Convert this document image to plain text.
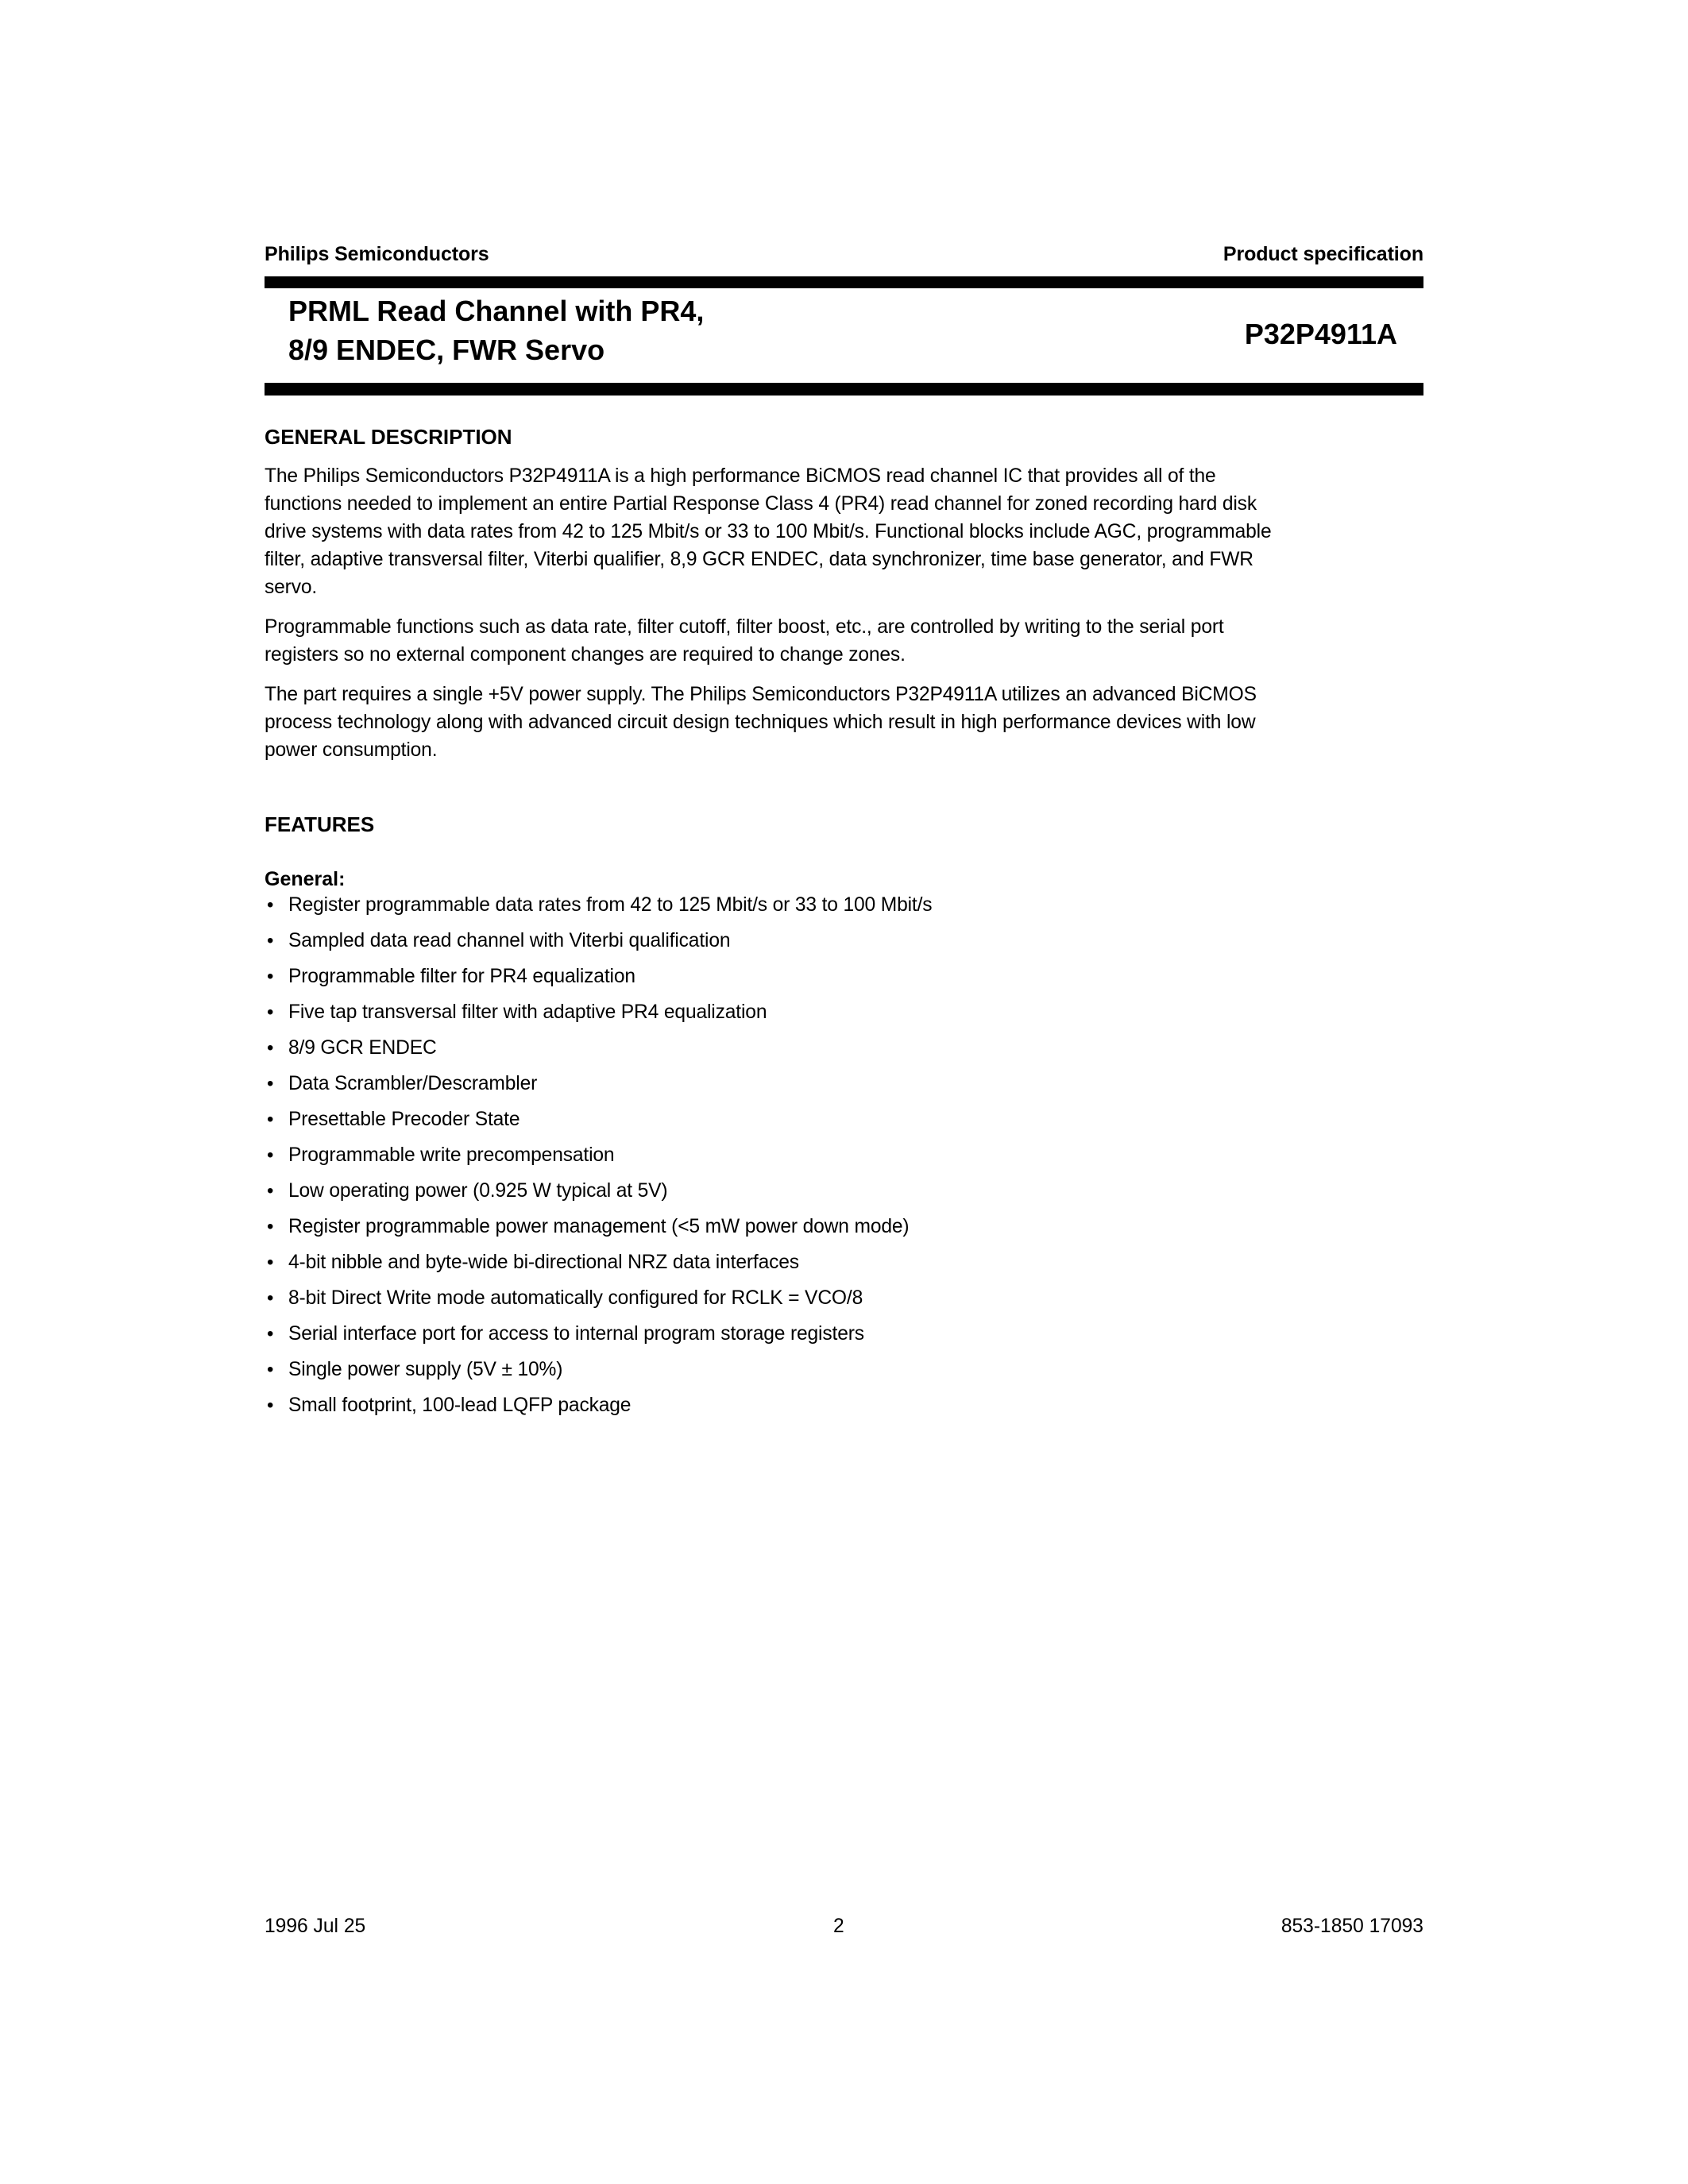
Philips Semiconductors	Product specification
PRML Read Channel with PR4,
8/9 ENDEC, FWR Servo	P32P4911A
GENERAL DESCRIPTION
The Philips Semiconductors P32P4911A is a high performance BiCMOS read channel IC that provides all of the
functions needed to implement an entire Partial Response Class 4 (PR4) read channel for zoned recording hard disk
drive systems with data rates from 42 to 125 Mbit/s or 33 to 100 Mbit/s. Functional blocks include AGC, programmable
filter, adaptive transversal filter, Viterbi qualifier, 8,9 GCR ENDEC, data synchronizer, time base generator, and FWR
servo.
Programmable functions such as data rate, filter cutoff, filter boost, etc., are controlled by writing to the serial port
registers so no external component changes are required to change zones.
The part requires a single +5V power supply. The Philips Semiconductors P32P4911A utilizes an advanced BiCMOS
process technology along with advanced circuit design techniques which result in high performance devices with low
power consumption.
FEATURES
General:
• Register programmable data rates from 42 to 125 Mbit/s or 33 to 100 Mbit/s
• Sampled data read channel with Viterbi qualification
• Programmable filter for PR4 equalization
• Five tap transversal filter with adaptive PR4 equalization
• 8/9 GCR ENDEC
• Data Scrambler/Descrambler
• Presettable Precoder State
• Programmable write precompensation
• Low operating power (0.925 W typical at 5V)
• Register programmable power management (<5 mW power down mode)
• 4-bit nibble and byte-wide bi-directional NRZ data interfaces
• 8-bit Direct Write mode automatically configured for RCLK = VCO/8
• Serial interface port for access to internal program storage registers
• Single power supply (5V ± 10%)
• Small footprint, 100-lead LQFP package
1996 Jul 25	2	853-1850 17093
